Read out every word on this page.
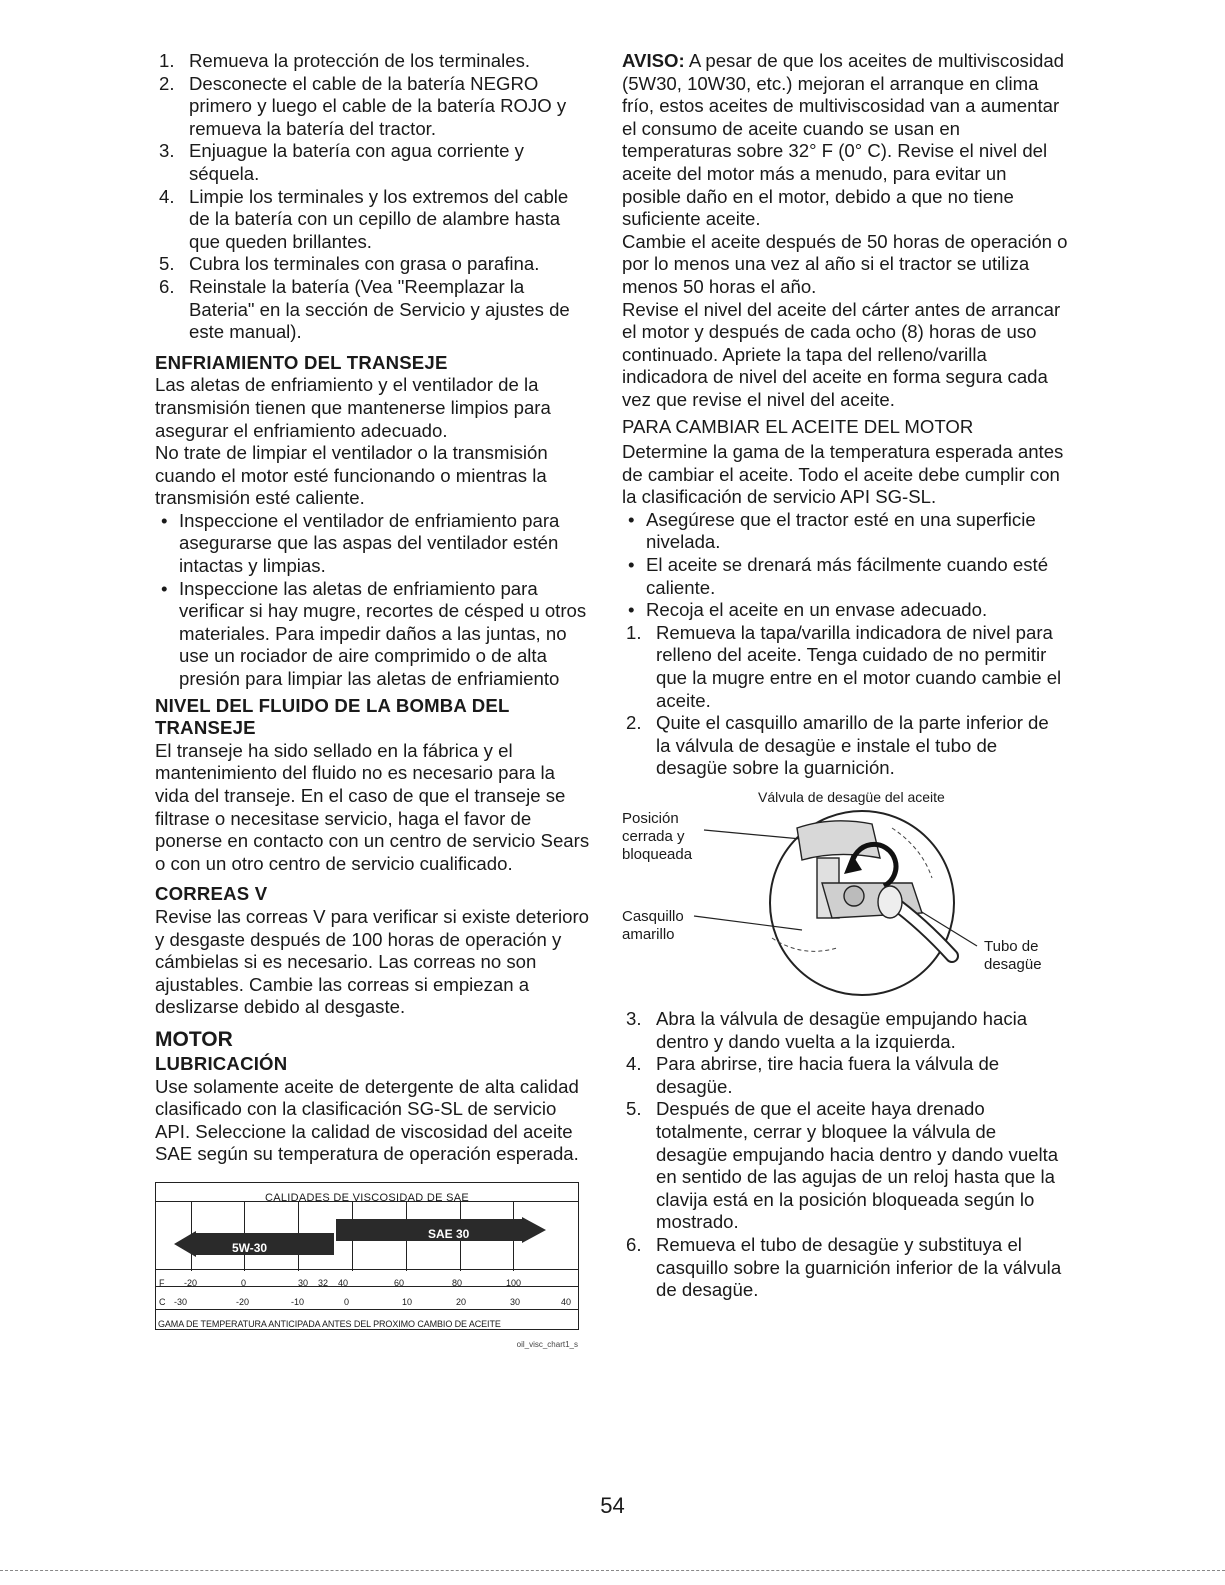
1. Remueva la protección de los terminales.
2. Desconecte el cable de la batería NEGRO primero y luego el cable de la batería ROJO y remueva la batería del tractor.
3. Enjuague la batería con agua corriente y séquela.
4. Limpie los terminales y los extremos del cable de la batería con un cepillo de alambre hasta que queden brillantes.
5. Cubra los terminales con grasa o parafina.
6. Reinstale la batería (Vea "Reemplazar la Bateria" en la sección de Servicio y ajustes de este manual).
ENFRIAMIENTO DEL TRANSEJE

Las aletas de enfriamiento y el ventilador de la transmisión tienen que mantenerse limpios para asegurar el enfriamiento adecuado.

No trate de limpiar el ventilador o la transmisión cuando el motor esté funcionando o mientras la transmisión esté caliente.

• Inspeccione el ventilador de enfriamiento para asegurarse que las aspas del ventilador estén intactas y limpias.
• Inspeccione las aletas de enfriamiento para verificar si hay mugre, recortes de césped u otros materiales. Para impedir daños a las juntas, no use un rociador de aire comprimido o de alta presión para limpiar las aletas de enfriamiento
NIVEL DEL FLUIDO DE LA BOMBA DEL TRANSEJE

El transeje ha sido sellado en la fábrica y el mantenimiento del fluido no es necesario para la vida del transeje. En el caso de que el transeje se filtrase o necesitase servicio, haga el favor de ponerse en contacto con un centro de servicio Sears o con un otro centro de servicio cualificado.

CORREAS V

Revise las correas V para verificar si existe deterioro y desgaste después de 100 horas de operación y cámbielas si es necesario. Las correas no son ajustables. Cambie las correas si empiezan a deslizarse debido al desgaste.

MOTOR
LUBRICACIÓN

Use solamente aceite de detergente de alta calidad clasificado con la clasificación SG-SL de servicio API. Seleccione la calidad de viscosidad del aceite SAE según su temperatura de operación esperada.

CALIDADES DE VISCOSIDAD DE SAE
SAE 30
5W-30
F -20	0	30 32 40	60	80	100
C -30	-20	-10	0	10	20	30	40
GAMA DE TEMPERATURA ANTICIPADA ANTES DEL PROXIMO CAMBIO DE ACEITE
oil_visc_chart1_s

AVISO: A pesar de que los aceites de multiviscosidad (5W30, 10W30, etc.) mejoran el arranque en clima frío, estos aceites de multiviscosidad van a aumentar el consumo de aceite cuando se usan en temperaturas sobre 32° F (0° C). Revise el nivel del aceite del motor más a menudo, para evitar un posible daño en el motor, debido a que no tiene suficiente aceite.

Cambie el aceite después de 50 horas de operación o por lo menos una vez al año si el tractor se utiliza menos 50 horas el año.

Revise el nivel del aceite del cárter antes de arrancar el motor y después de cada ocho (8) horas de uso continuado. Apriete la tapa del relleno/varilla indicadora de nivel del aceite en forma segura cada vez que revise el nivel del aceite.

PARA CAMBIAR EL ACEITE DEL MOTOR

Determine la gama de la temperatura esperada antes de cambiar el aceite. Todo el aceite debe cumplir con la clasificación de servicio API SG-SL.

• Asegúrese que el tractor esté en una superficie nivelada.
• El aceite se drenará más fácilmente cuando esté caliente.
• Recoja el aceite en un envase adecuado.
1. Remueva la tapa/varilla indicadora de nivel para relleno del aceite. Tenga cuidado de no permitir que la mugre entre en el motor cuando cambie el aceite.
2. Quite el casquillo amarillo de la parte inferior de la válvula de desagüe e instale el tubo de desagüe sobre la guarnición.
Válvula de desagüe del aceite
Posición cerrada y bloqueada
Casquillo amarillo
Tubo de desagüe
3. Abra la válvula de desagüe empujando hacia dentro y dando vuelta a la izquierda.
4. Para abrirse, tire hacia fuera la válvula de desagüe.
5. Después de que el aceite haya drenado totalmente, cerrar y bloquee la válvula de desagüe empujando hacia dentro y dando vuelta en sentido de las agujas de un reloj hasta que la clavija está en la posición bloqueada según lo mostrado.
6. Remueva el tubo de desagüe y substituya el casquillo sobre la guarnición inferior de la válvula de desagüe.
54
